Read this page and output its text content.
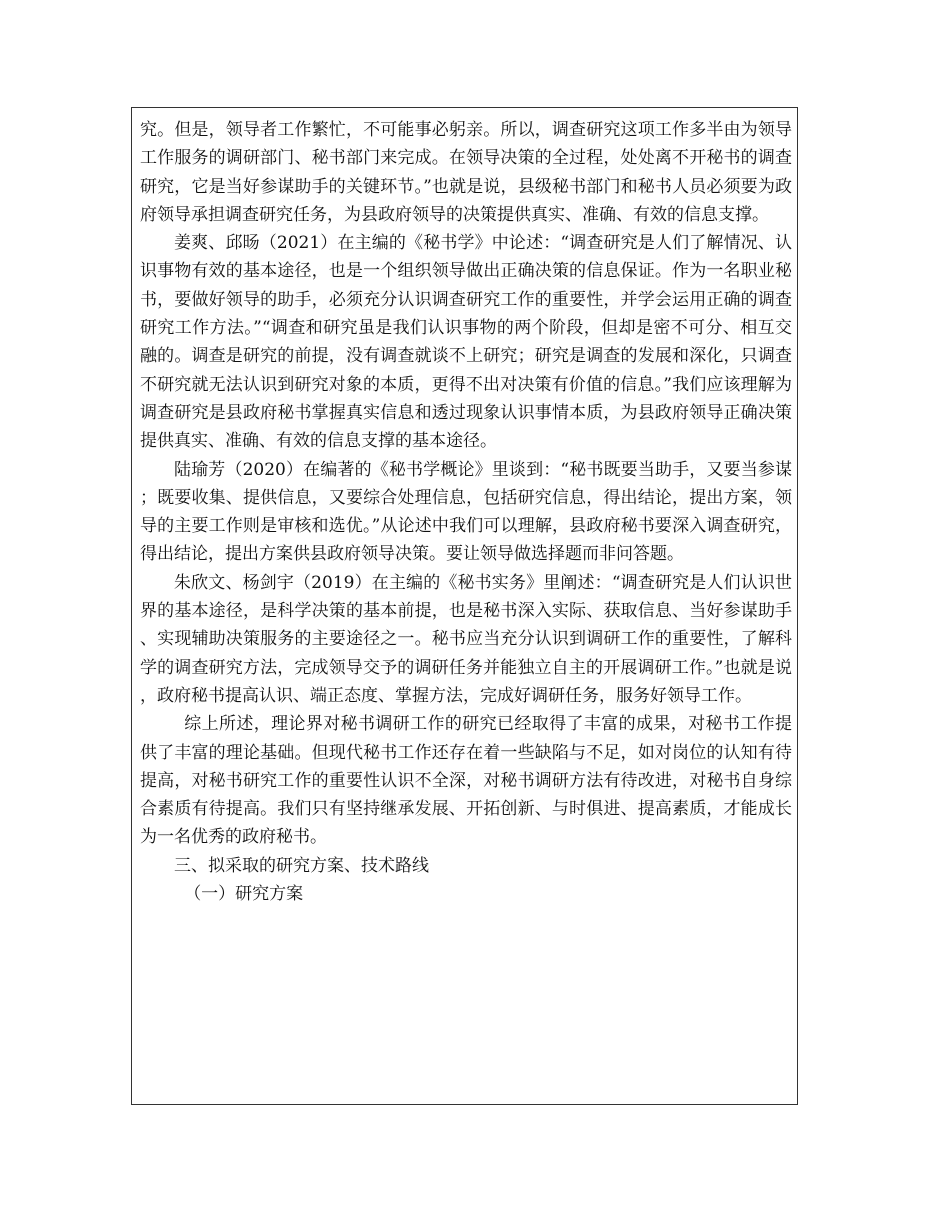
究。但是，领导者工作繁忙，不可能事必躬亲。所以，调查研究这项工作多半由为领导工作服务的调研部门、秘书部门来完成。在领导决策的全过程，处处离不开秘书的调查研究，它是当好参谋助手的关键环节。”也就是说，县级秘书部门和秘书人员必须要为政府领导承担调查研究任务，为县政府领导的决策提供真实、准确、有效的信息支撑。

姜爽、邱旸（2021）在主编的《秘书学》中论述：“调查研究是人们了解情况、认识事物有效的基本途径，也是一个组织领导做出正确决策的信息保证。作为一名职业秘书，要做好领导的助手，必须充分认识调查研究工作的重要性，并学会运用正确的调查研究工作方法。”“调查和研究虽是我们认识事物的两个阶段，但却是密不可分、相互交融的。调查是研究的前提，没有调查就谈不上研究；研究是调查的发展和深化，只调查不研究就无法认识到研究对象的本质，更得不出对决策有价值的信息。”我们应该理解为调查研究是县政府秘书掌握真实信息和透过现象认识事情本质，为县政府领导正确决策提供真实、准确、有效的信息支撑的基本途径。

陆瑜芳（2020）在编著的《秘书学概论》里谈到：“秘书既要当助手，又要当参谋；既要收集、提供信息，又要综合处理信息，包括研究信息，得出结论，提出方案，领导的主要工作则是审核和选优。”从论述中我们可以理解，县政府秘书要深入调查研究，得出结论，提出方案供县政府领导决策。要让领导做选择题而非问答题。

朱欣文、杨剑宇（2019）在主编的《秘书实务》里阐述：“调查研究是人们认识世界的基本途径，是科学决策的基本前提，也是秘书深入实际、获取信息、当好参谋助手、实现辅助决策服务的主要途径之一。秘书应当充分认识到调研工作的重要性，了解科学的调查研究方法，完成领导交予的调研任务并能独立自主的开展调研工作。”也就是说，政府秘书提高认识、端正态度、掌握方法，完成好调研任务，服务好领导工作。

综上所述，理论界对秘书调研工作的研究已经取得了丰富的成果，对秘书工作提供了丰富的理论基础。但现代秘书工作还存在着一些缺陷与不足，如对岗位的认知有待提高，对秘书研究工作的重要性认识不全深，对秘书调研方法有待改进，对秘书自身综合素质有待提高。我们只有坚持继承发展、开拓创新、与时俱进、提高素质，才能成长为一名优秀的政府秘书。

三、拟采取的研究方案、技术路线

（一）研究方案
